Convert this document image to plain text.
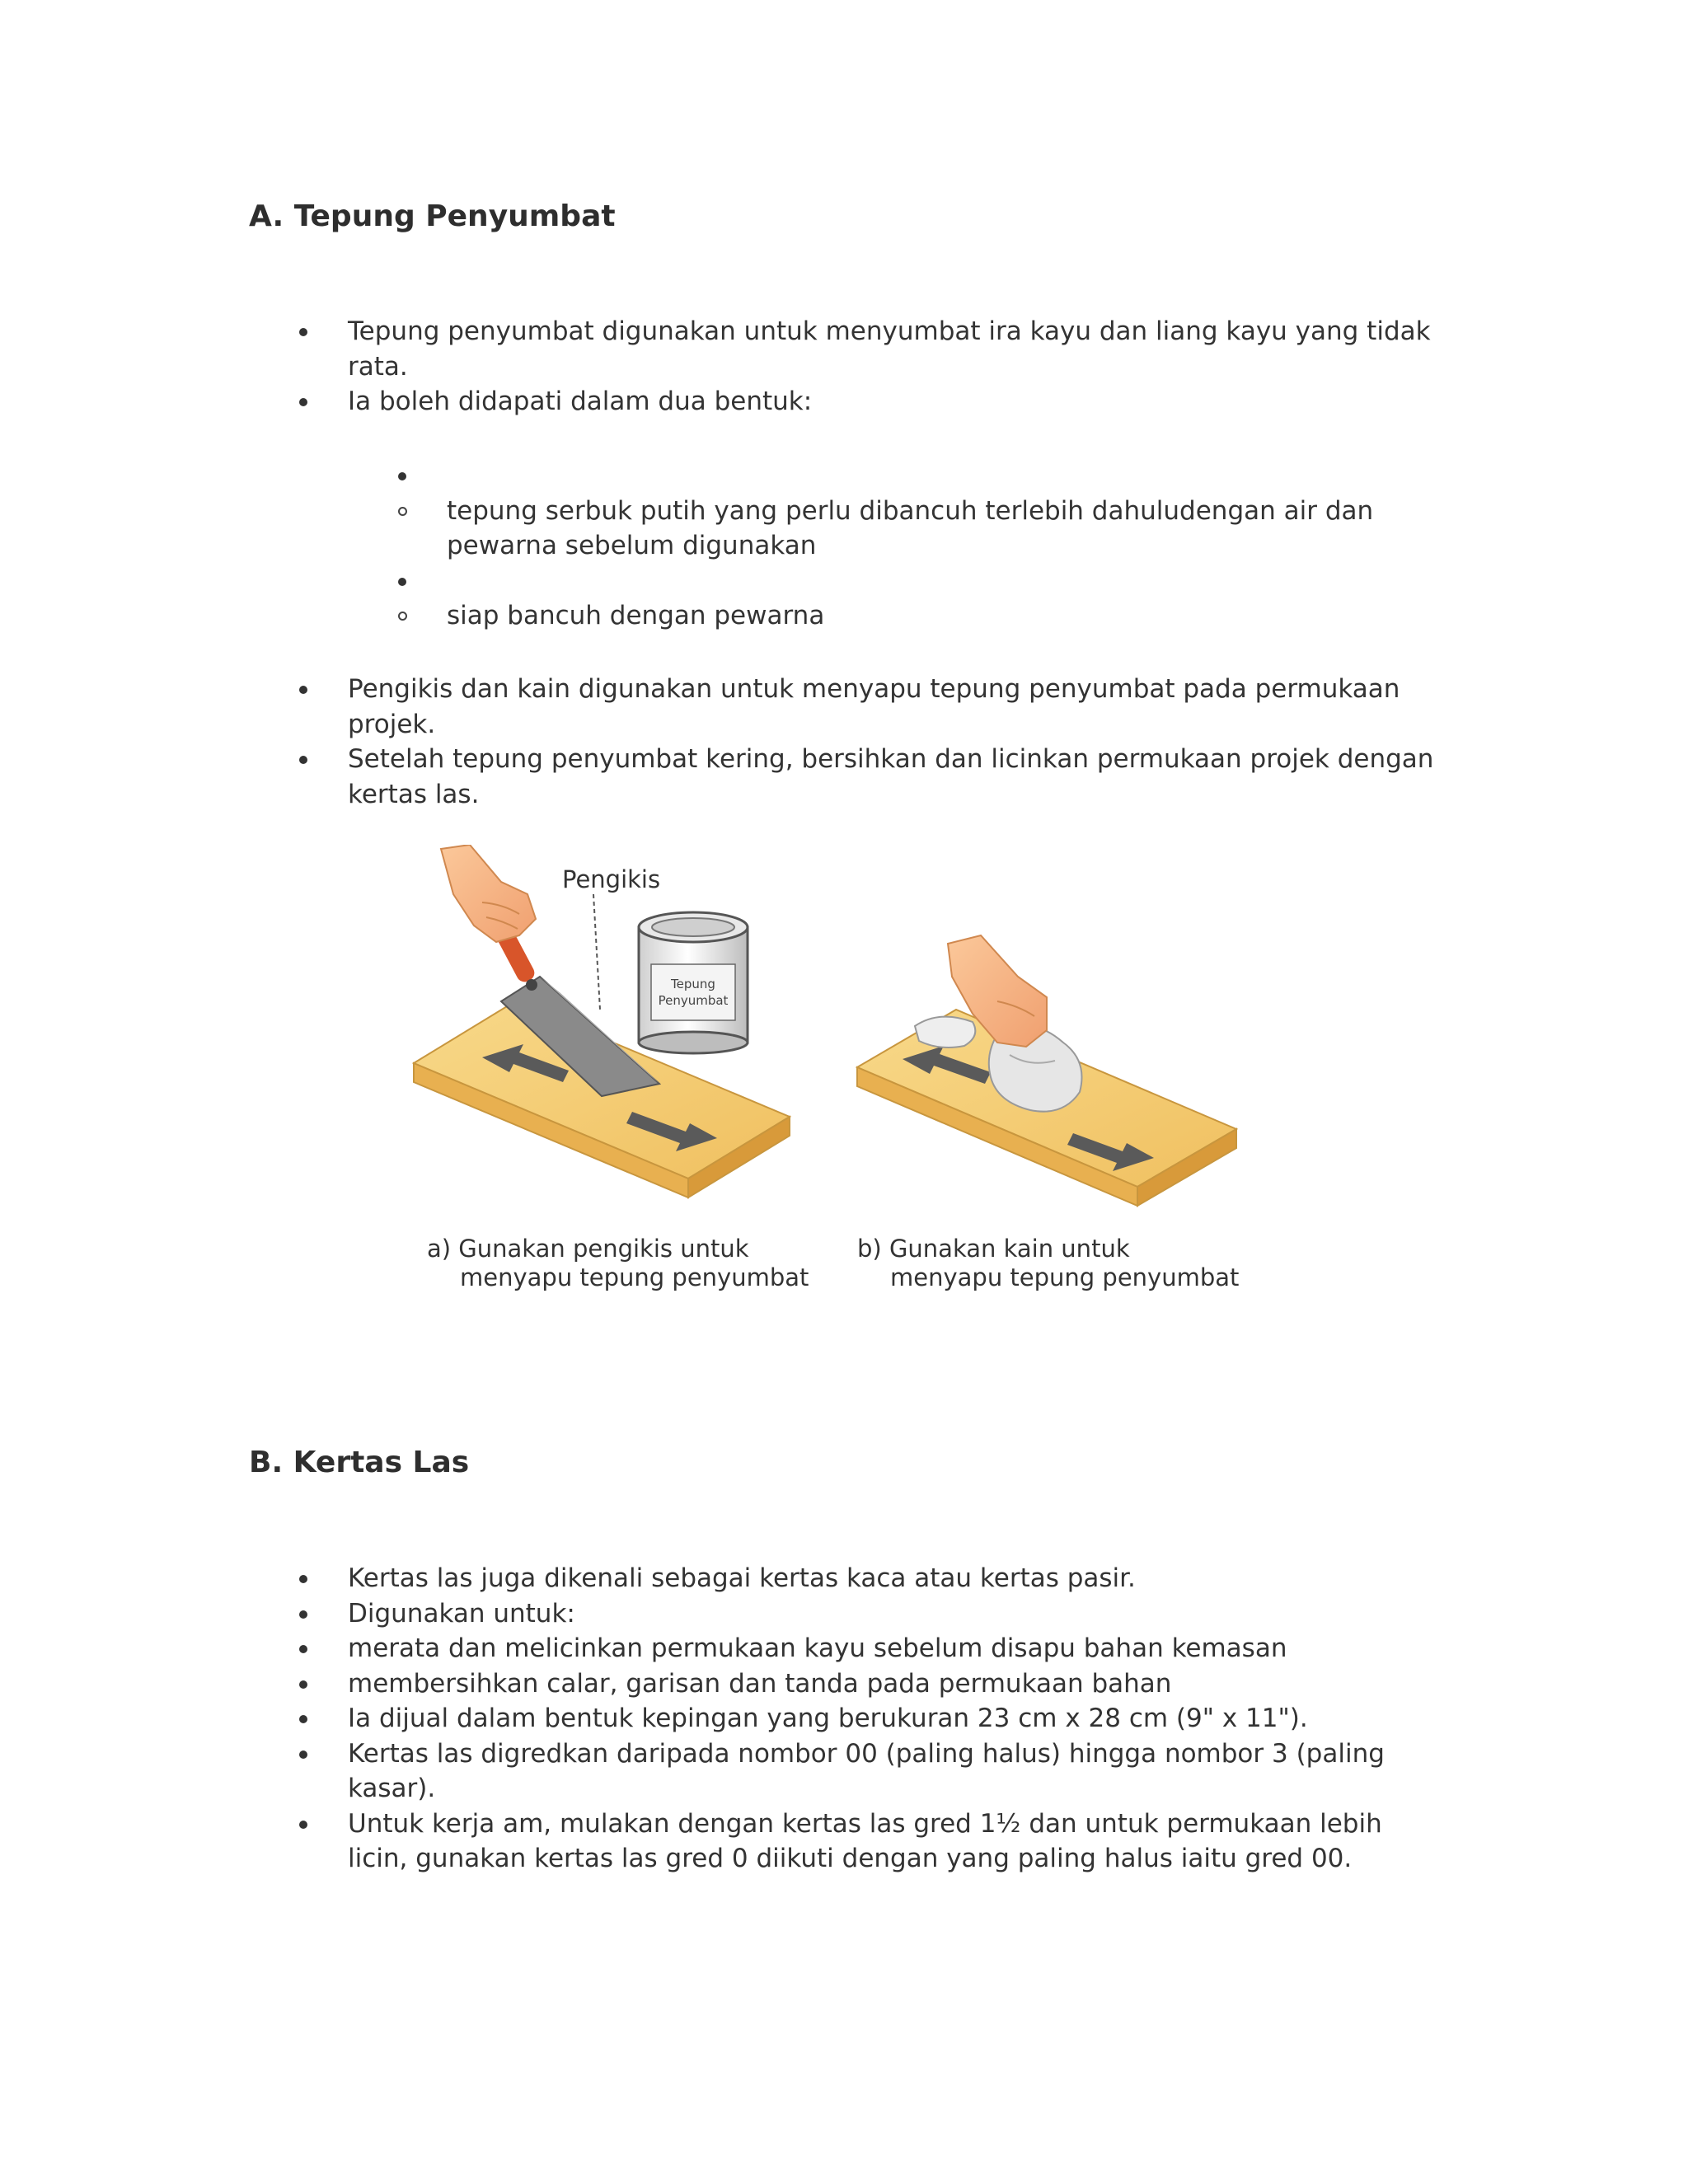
A. Tepung Penyumbat
Tepung penyumbat digunakan untuk menyumbat ira kayu dan liang kayu yang tidak rata.
Ia boleh didapati dalam dua bentuk:
tepung serbuk putih yang perlu dibancuh terlebih dahuludengan air dan pewarna sebelum digunakan
siap bancuh dengan pewarna
Pengikis dan kain digunakan untuk menyapu tepung penyumbat pada permukaan projek.
Setelah tepung penyumbat kering, bersihkan dan licinkan permukaan projek dengan kertas las.
Pengikis
Tepung
Penyumbat
a) Gunakan pengikis untuk
menyapu tepung penyumbat
b) Gunakan kain untuk
menyapu tepung penyumbat
B. Kertas Las
Kertas las juga dikenali sebagai kertas kaca atau kertas pasir.
Digunakan untuk:
merata dan melicinkan permukaan kayu sebelum disapu bahan kemasan
membersihkan calar, garisan dan tanda pada permukaan bahan
Ia dijual dalam bentuk kepingan yang berukuran 23 cm x 28 cm (9" x 11").
Kertas las digredkan daripada nombor 00 (paling halus) hingga nombor 3 (paling kasar).
Untuk kerja am, mulakan dengan kertas las gred 1½ dan untuk permukaan lebih licin, gunakan kertas las gred 0 diikuti dengan yang paling halus iaitu gred 00.
